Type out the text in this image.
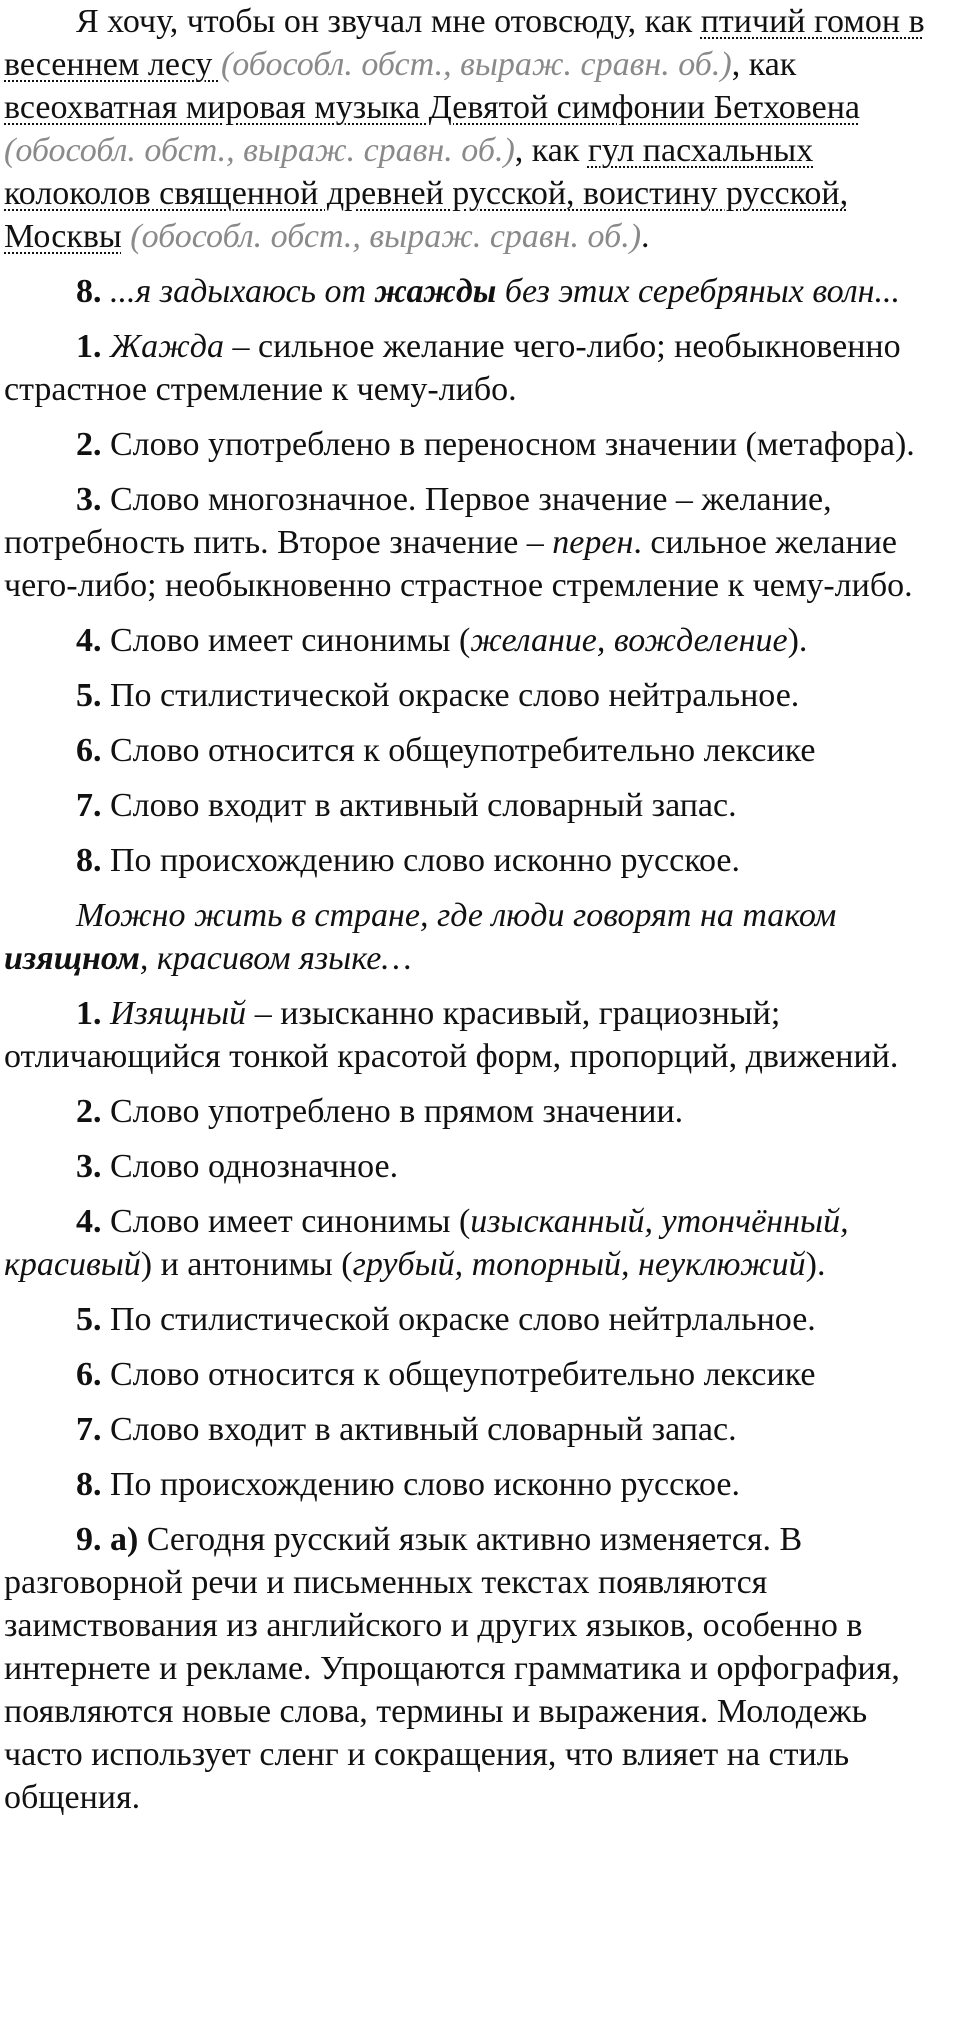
Я хочу, чтобы он звучал мне отовсюду, как птичий гомон в весеннем лесу (обособл. обст., выраж. сравн. об.), как всеохватная мировая музыка Девятой симфонии Бетховена (обособл. обст., выраж. сравн. об.), как гул пасхальных колоколов священной древней русской, воистину русской, Москвы (обособл. обст., выраж. сравн. об.).

8. ...я задыхаюсь от жажды без этих серебряных волн...

1. Жажда – сильное желание чего-либо; необыкновенно страстное стремление к чему-либо.

2. Слово употреблено в переносном значении (метафора).

3. Слово многозначное. Первое значение – желание, потребность пить. Второе значение – перен. сильное желание чего-либо; необыкновенно страстное стремление к чему-либо.

4. Слово имеет синонимы (желание, вожделение).

5. По стилистической окраске слово нейтральное.

6. Слово относится к общеупотребительно лексике

7. Слово входит в активный словарный запас.

8. По происхождению слово исконно русское.

Можно жить в стране, где люди говорят на таком изящном, красивом языке…

1. Изящный – изысканно красивый, грациозный; отличающийся тонкой красотой форм, пропорций, движений.

2. Слово употреблено в прямом значении.

3. Слово однозначное.

4. Слово имеет синонимы (изысканный, утончённый, красивый) и антонимы (грубый, топорный, неуклюжий).

5. По стилистической окраске слово нейтрлальное.

6. Слово относится к общеупотребительно лексике

7. Слово входит в активный словарный запас.

8. По происхождению слово исконно русское.

9. а) Сегодня русский язык активно изменяется. В разговорной речи и письменных текстах появляются заимствования из английского и других языков, особенно в интернете и рекламе. Упрощаются грамматика и орфография, появляются новые слова, термины и выражения. Молодежь часто использует сленг и сокращения, что влияет на стиль общения.
